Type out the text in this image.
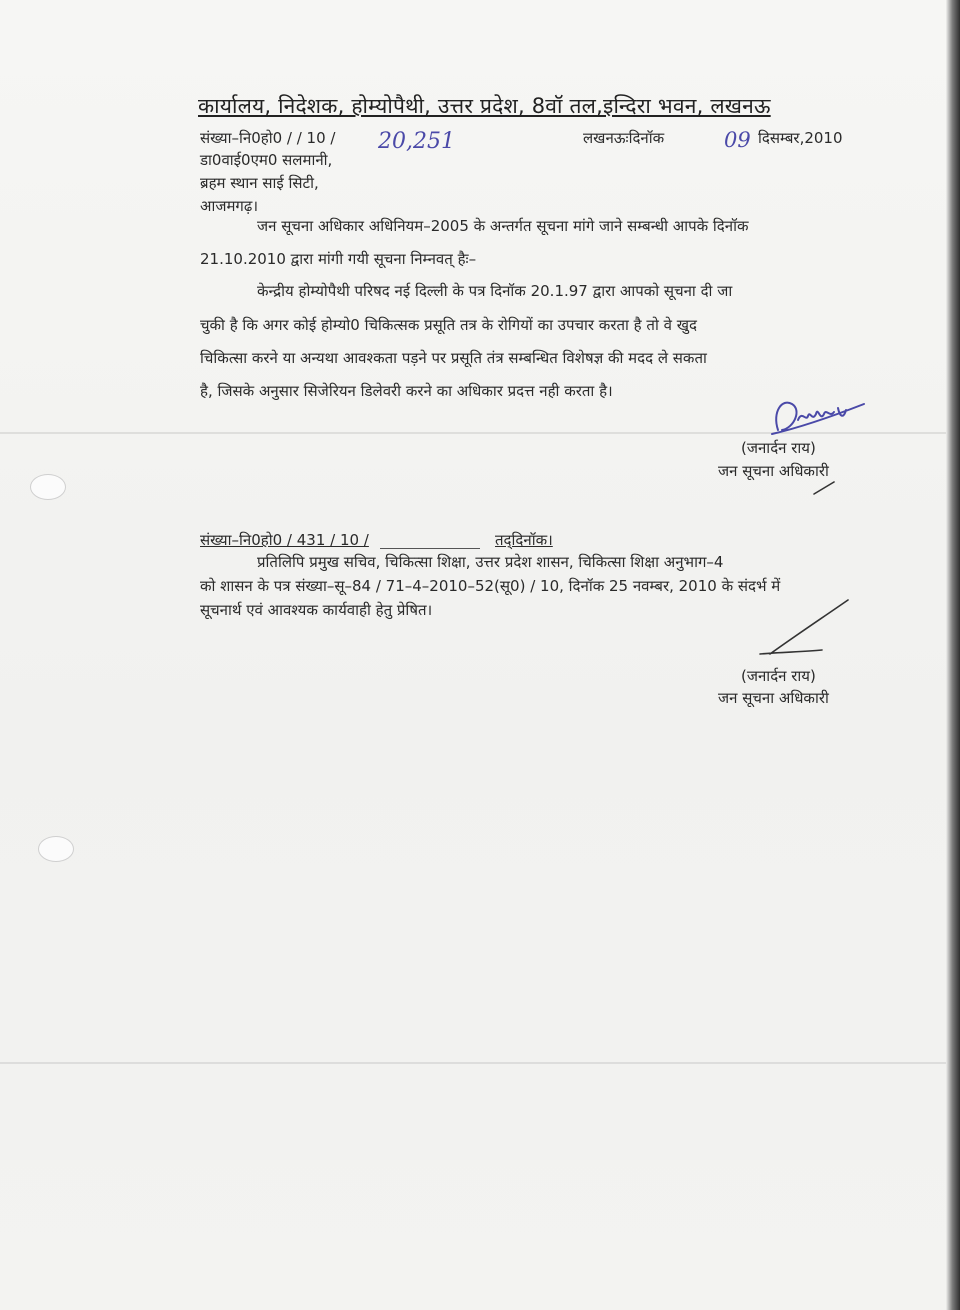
कार्यालय, निदेशक, होम्योपैथी, उत्तर प्रदेश, 8वॉ तल,इन्दिरा भवन, लखनऊ
संख्या–नि0हो0 / / 10 / 20,251	लखनऊःदिनॉक	09 दिसम्बर,2010
डा0वाई0एम0 सलमानी,
ब्रहम स्थान साई सिटी,
आजमगढ़।
जन सूचना अधिकार अधिनियम–2005 के अन्तर्गत सूचना मांगे जाने सम्बन्धी आपके दिनॉक
21.10.2010 द्वारा मांगी गयी सूचना निम्नवत् हैः–
केन्द्रीय होम्योपैथी परिषद नई दिल्ली के पत्र दिनॉक 20.1.97 द्वारा आपको सूचना दी जा
चुकी है कि अगर कोई होम्यो0 चिकित्सक प्रसूति तत्र के रोगियों का उपचार करता है तो वे खुद
चिकित्सा करने या अन्यथा आवश्कता पड़ने पर प्रसूति तंत्र सम्बन्धित विशेषज्ञ की मदद ले सकता
है, जिसके अनुसार सिजेरियन डिलेवरी करने का अधिकार प्रदत्त नही करता है।
(जनार्दन राय)
जन सूचना अधिकारी
संख्या–नि0हो0 / 431 / 10 /	तद्‌दिनॉक।
प्रतिलिपि प्रमुख सचिव, चिकित्सा शिक्षा, उत्तर प्रदेश शासन, चिकित्सा शिक्षा अनुभाग–4
को शासन के पत्र संख्या–सू–84 / 71–4–2010–52(सू0) / 10, दिनॉक 25 नवम्बर, 2010 के संदर्भ में
सूचनार्थ एवं आवश्यक कार्यवाही हेतु प्रेषित।
(जनार्दन राय)
जन सूचना अधिकारी
